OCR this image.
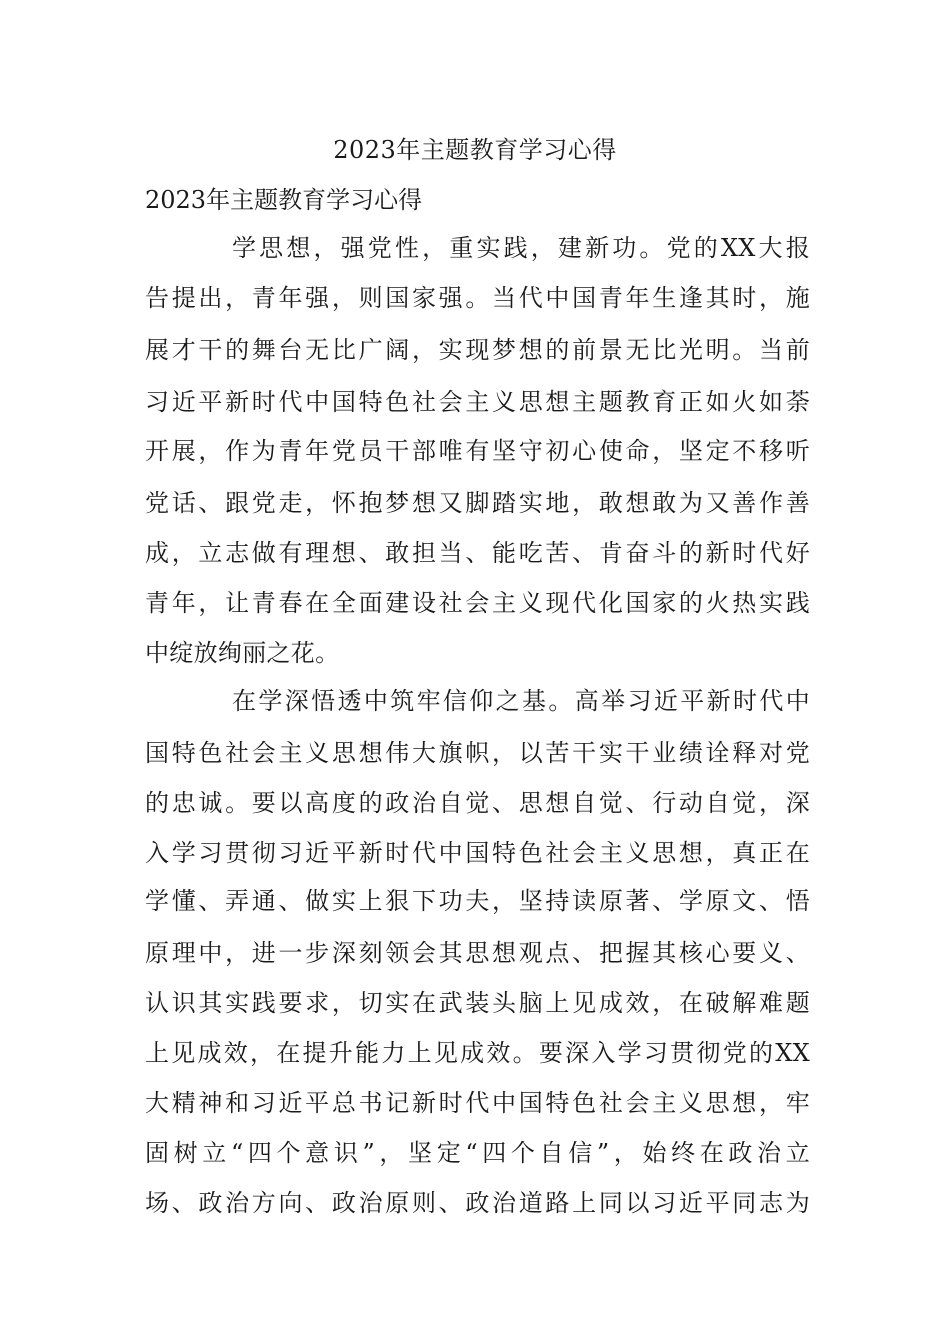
2023年主题教育学习心得

2023年主题教育学习心得

学思想，强党性，重实践，建新功。党的XX大报

告提出，青年强，则国家强。当代中国青年生逢其时，施

展才干的舞台无比广阔，实现梦想的前景无比光明。当前

习近平新时代中国特色社会主义思想主题教育正如火如荼

开展，作为青年党员干部唯有坚守初心使命，坚定不移听

党话、跟党走，怀抱梦想又脚踏实地，敢想敢为又善作善

成，立志做有理想、敢担当、能吃苦、肯奋斗的新时代好

青年，让青春在全面建设社会主义现代化国家的火热实践

中绽放绚丽之花。

在学深悟透中筑牢信仰之基。高举习近平新时代中

国特色社会主义思想伟大旗帜，以苦干实干业绩诠释对党

的忠诚。要以高度的政治自觉、思想自觉、行动自觉，深

入学习贯彻习近平新时代中国特色社会主义思想，真正在

学懂、弄通、做实上狠下功夫，坚持读原著、学原文、悟

原理中，进一步深刻领会其思想观点、把握其核心要义、

认识其实践要求，切实在武装头脑上见成效，在破解难题

上见成效，在提升能力上见成效。要深入学习贯彻党的XX

大精神和习近平总书记新时代中国特色社会主义思想，牢

固树立“四个意识”，坚定“四个自信”，始终在政治立

场、政治方向、政治原则、政治道路上同以习近平同志为
